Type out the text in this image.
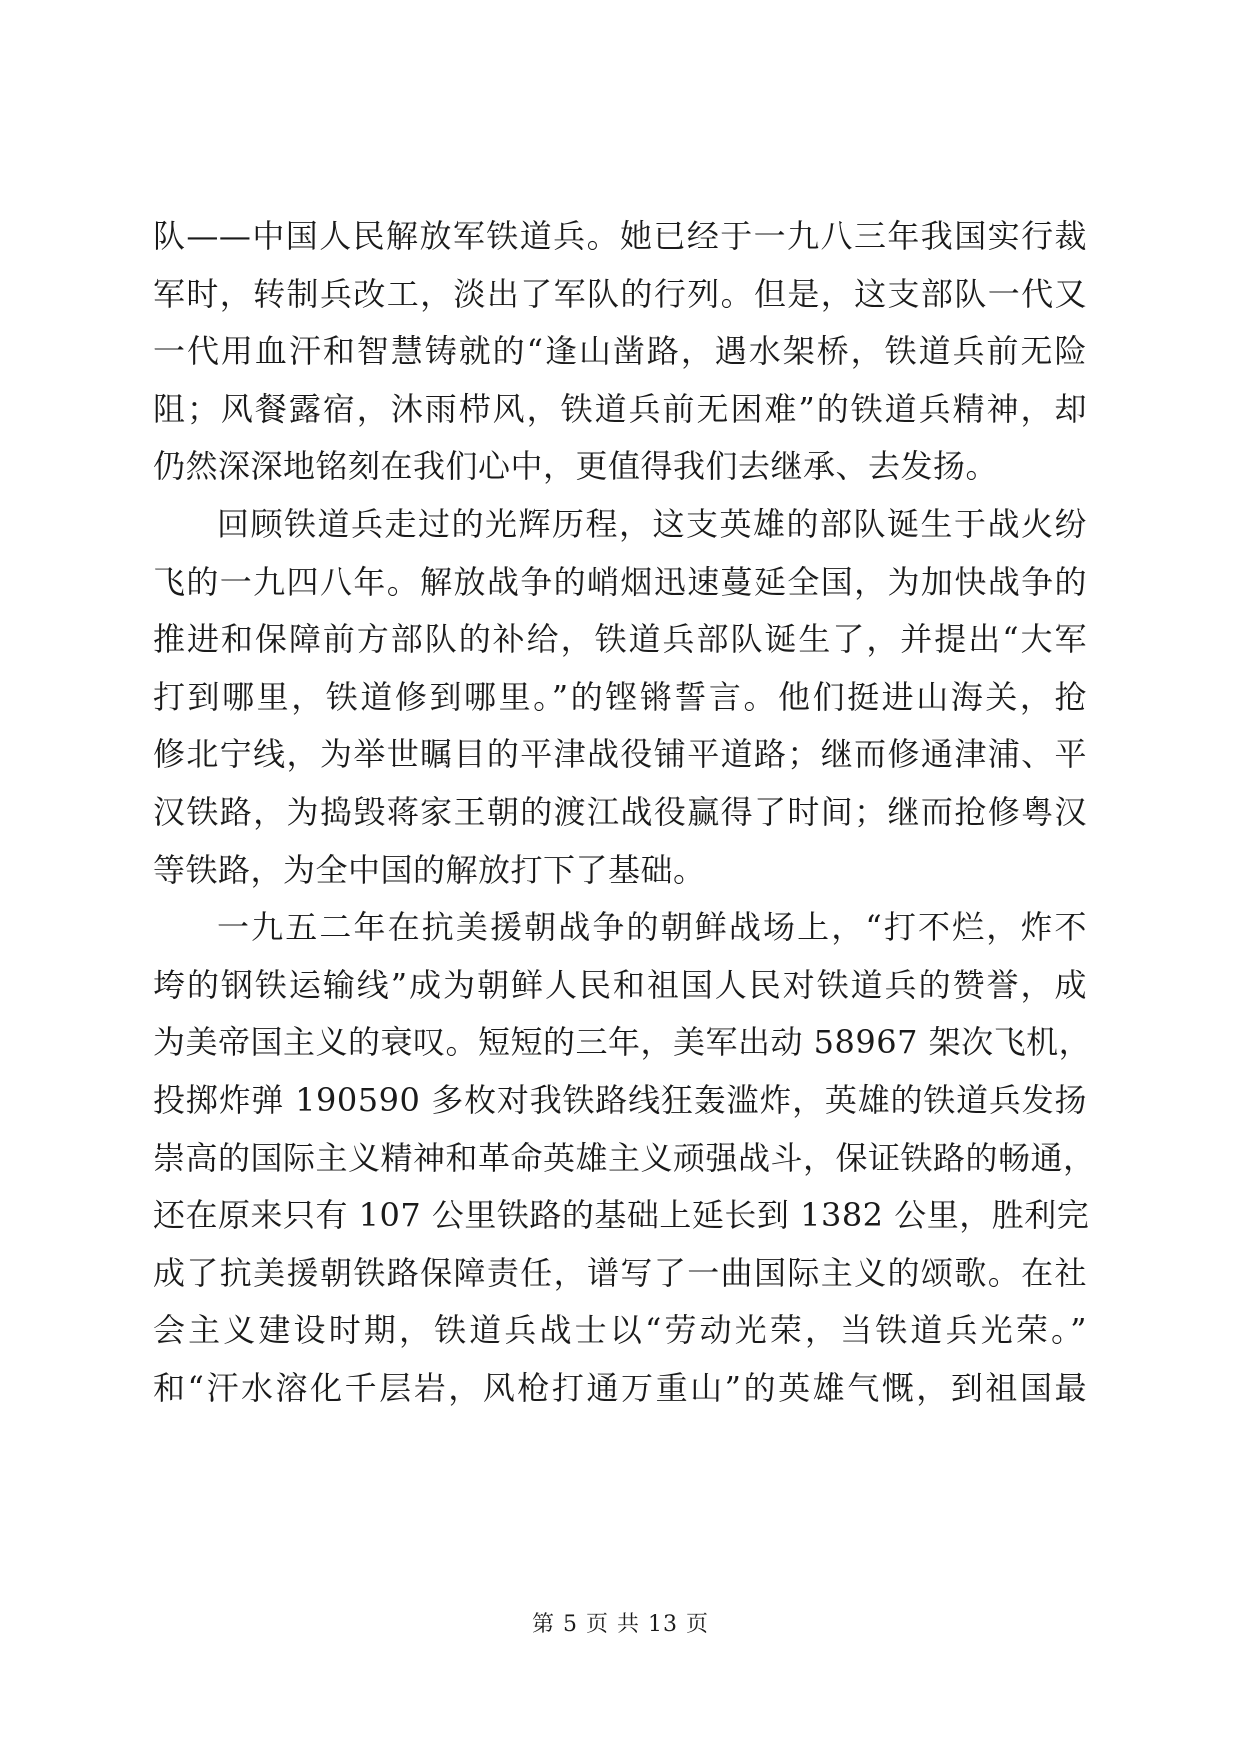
队——中国人民解放军铁道兵。她已经于一九八三年我国实行裁
军时，转制兵改工，淡出了军队的行列。但是，这支部队一代又
一代用血汗和智慧铸就的“逢山凿路，遇水架桥，铁道兵前无险
阻；风餐露宿，沐雨栉风，铁道兵前无困难”的铁道兵精神，却
仍然深深地铭刻在我们心中，更值得我们去继承、去发扬。
回顾铁道兵走过的光辉历程，这支英雄的部队诞生于战火纷
飞的一九四八年。解放战争的峭烟迅速蔓延全国，为加快战争的
推进和保障前方部队的补给，铁道兵部队诞生了，并提出“大军
打到哪里，铁道修到哪里。”的铿锵誓言。他们挺进山海关，抢
修北宁线，为举世瞩目的平津战役铺平道路；继而修通津浦、平
汉铁路，为捣毁蒋家王朝的渡江战役赢得了时间；继而抢修粤汉
等铁路，为全中国的解放打下了基础。
一九五二年在抗美援朝战争的朝鲜战场上，“打不烂，炸不
垮的钢铁运输线”成为朝鲜人民和祖国人民对铁道兵的赞誉，成
为美帝国主义的衰叹。短短的三年，美军出动 58967 架次飞机，
投掷炸弹 190590 多枚对我铁路线狂轰滥炸，英雄的铁道兵发扬
崇高的国际主义精神和革命英雄主义顽强战斗，保证铁路的畅通，
还在原来只有 107 公里铁路的基础上延长到 1382 公里，胜利完
成了抗美援朝铁路保障责任，谱写了一曲国际主义的颂歌。在社
会主义建设时期，铁道兵战士以“劳动光荣，当铁道兵光荣。”
和“汗水溶化千层岩，风枪打通万重山”的英雄气慨，到祖国最
第 5 页 共 13 页
